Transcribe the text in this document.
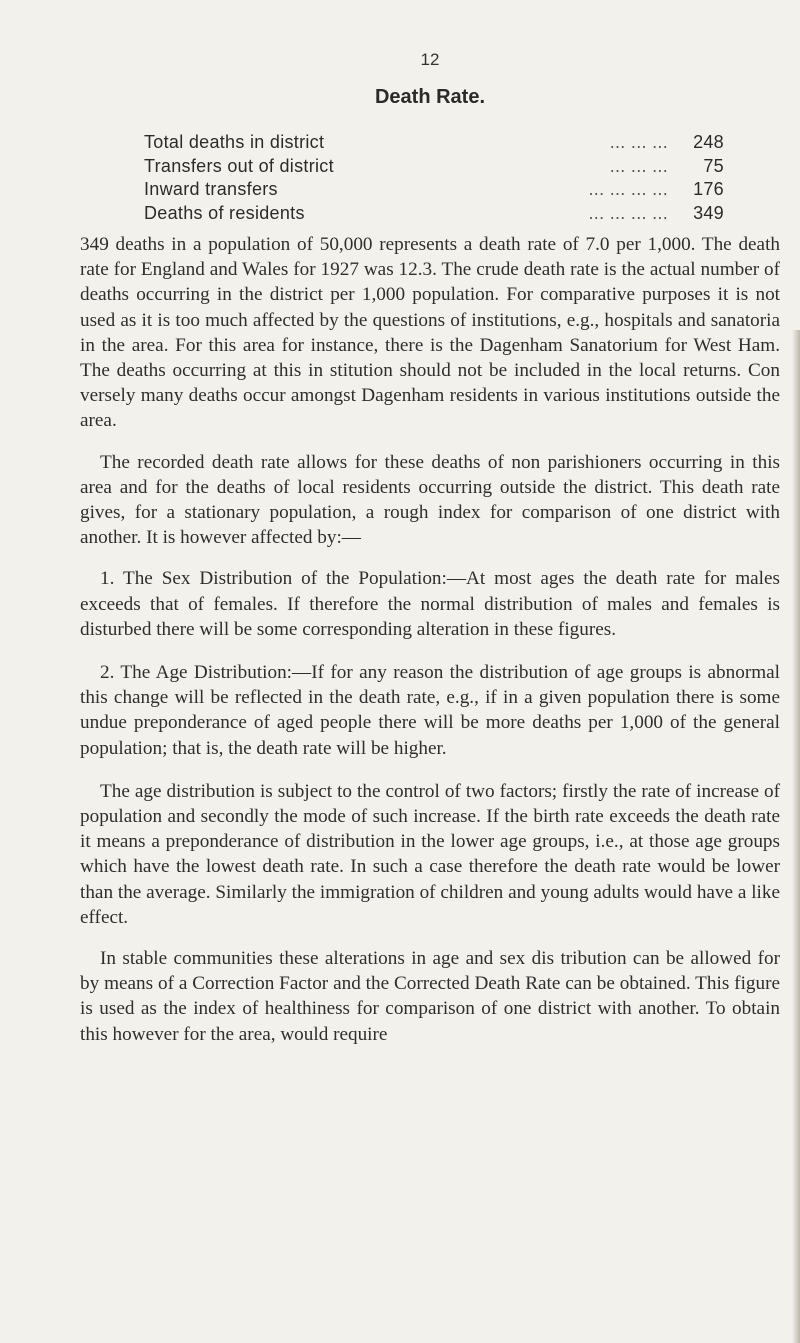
12
Death Rate.
Total deaths in district	... ... ...	248
Transfers out of district	... ... ...	75
Inward transfers	... ... ... ...	176
Deaths of residents	... ... ... ...	349

349 deaths in a population of 50,000 represents a death rate of 7.0 per 1,000. The death rate for England and Wales for 1927 was 12.3. The crude death rate is the actual number of deaths occurring in the district per 1,000 population. For comparative purposes it is not used as it is too much affected by the questions of institutions, e.g., hospitals and sanatoria in the area. For this area for instance, there is the Dagenham Sanatorium for West Ham. The deaths occurring at this in stitution should not be included in the local returns. Con versely many deaths occur amongst Dagenham residents in various institutions outside the area.

The recorded death rate allows for these deaths of non parishioners occurring in this area and for the deaths of local residents occurring outside the district. This death rate gives, for a stationary population, a rough index for comparison of one district with another. It is however affected by:—

1. The Sex Distribution of the Population:—At most ages the death rate for males exceeds that of females. If therefore the normal distribution of males and females is disturbed there will be some corresponding alteration in these figures.

2. The Age Distribution:—If for any reason the distribution of age groups is abnormal this change will be reflected in the death rate, e.g., if in a given population there is some undue preponderance of aged people there will be more deaths per 1,000 of the general population; that is, the death rate will be higher.

The age distribution is subject to the control of two factors; firstly the rate of increase of population and secondly the mode of such increase. If the birth rate exceeds the death rate it means a preponderance of distribution in the lower age groups, i.e., at those age groups which have the lowest death rate. In such a case therefore the death rate would be lower than the average. Similarly the immigration of children and young adults would have a like effect.

In stable communities these alterations in age and sex dis tribution can be allowed for by means of a Correction Factor and the Corrected Death Rate can be obtained. This figure is used as the index of healthiness for comparison of one district with another. To obtain this however for the area, would require
